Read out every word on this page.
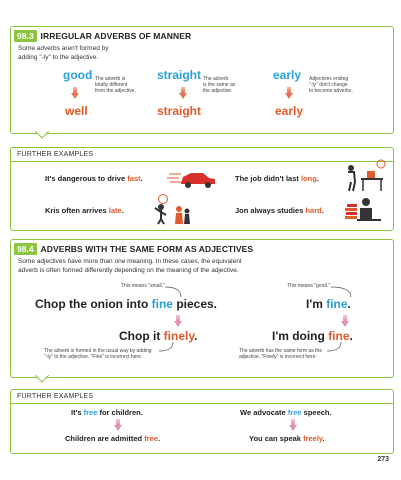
98.3 IRREGULAR ADVERBS OF MANNER
Some adverbs aren't formed by
adding "-ly" to the adjective.
good The adverb is
totally different
from the adjective.
well
straight The adverb
is the same as
the adjective.
straight
early Adjectives ending
"-ly" don't change
to become adverbs.
early
FURTHER EXAMPLES
It's dangerous to drive fast.	The job didn't last long.
Kris often arrives late.	Jon always studies hard.
98.4 ADVERBS WITH THE SAME FORM AS ADJECTIVES
Some adjectives have more than one meaning. In these cases, the equivalent
adverb is often formed differently depending on the meaning of the adjective.
This means "small."
Chop the onion into fine pieces.
Chop it finely.
The adverb is formed in the usual way by adding
"-ly" to the adjective. "Fine" is incorrect here.
This means "good."
I'm fine.
I'm doing fine.
The adverb has the same form as the
adjective. "Finely" is incorrect here.
FURTHER EXAMPLES
It's free for children.
Children are admitted free.
We advocate free speech.
You can speak freely.
273
